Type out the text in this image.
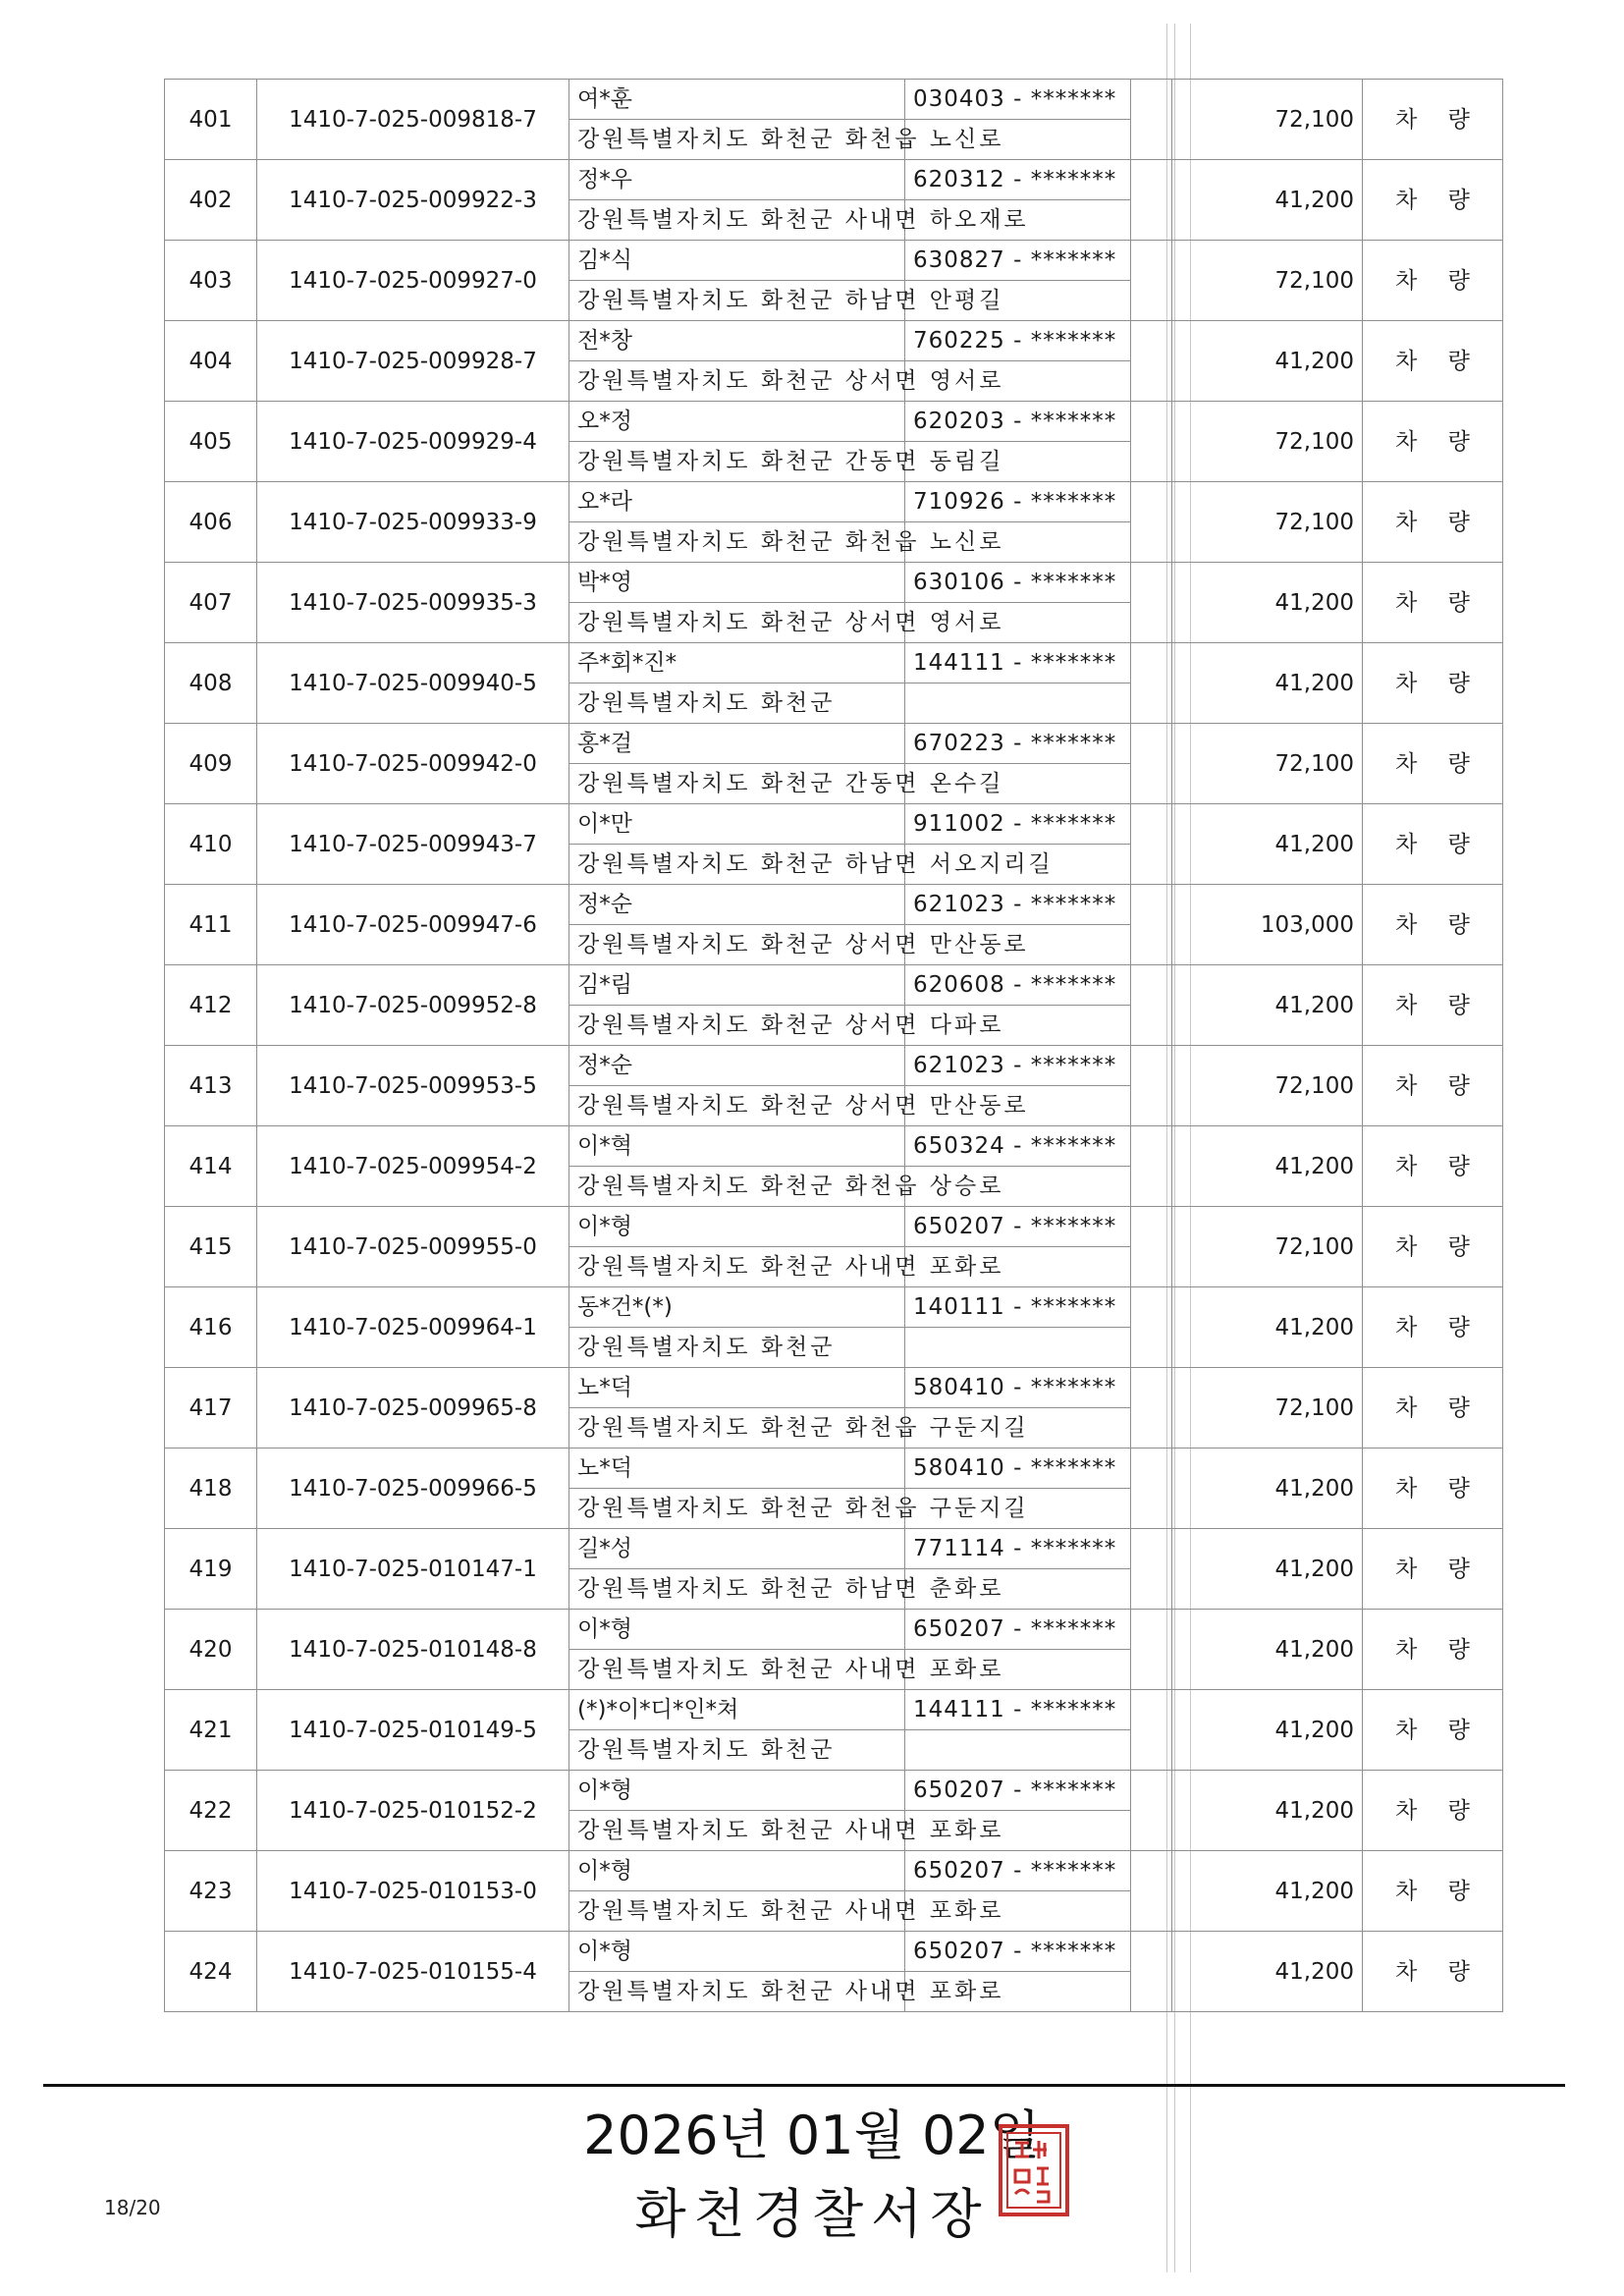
401	1410-7-025-009818-7	여*훈	030403 - *******		72,100	차 량
		강원특별자치도 화천군 화천읍 노신로				
402	1410-7-025-009922-3	정*우	620312 - *******		41,200	차 량
		강원특별자치도 화천군 사내면 하오재로				
403	1410-7-025-009927-0	김*식	630827 - *******		72,100	차 량
		강원특별자치도 화천군 하남면 안평길				
404	1410-7-025-009928-7	전*창	760225 - *******		41,200	차 량
		강원특별자치도 화천군 상서면 영서로				
405	1410-7-025-009929-4	오*정	620203 - *******		72,100	차 량
		강원특별자치도 화천군 간동면 동림길				
406	1410-7-025-009933-9	오*라	710926 - *******		72,100	차 량
		강원특별자치도 화천군 화천읍 노신로				
407	1410-7-025-009935-3	박*영	630106 - *******		41,200	차 량
		강원특별자치도 화천군 상서면 영서로				
408	1410-7-025-009940-5	주*회*진*	144111 - *******		41,200	차 량
		강원특별자치도 화천군				
409	1410-7-025-009942-0	홍*걸	670223 - *******		72,100	차 량
		강원특별자치도 화천군 간동면 온수길				
410	1410-7-025-009943-7	이*만	911002 - *******		41,200	차 량
		강원특별자치도 화천군 하남면 서오지리길				
411	1410-7-025-009947-6	정*순	621023 - *******		103,000	차 량
		강원특별자치도 화천군 상서면 만산동로				
412	1410-7-025-009952-8	김*림	620608 - *******		41,200	차 량
		강원특별자치도 화천군 상서면 다파로				
413	1410-7-025-009953-5	정*순	621023 - *******		72,100	차 량
		강원특별자치도 화천군 상서면 만산동로				
414	1410-7-025-009954-2	이*혁	650324 - *******		41,200	차 량
		강원특별자치도 화천군 화천읍 상승로				
415	1410-7-025-009955-0	이*형	650207 - *******		72,100	차 량
		강원특별자치도 화천군 사내면 포화로				
416	1410-7-025-009964-1	동*건*(*)	140111 - *******		41,200	차 량
		강원특별자치도 화천군				
417	1410-7-025-009965-8	노*덕	580410 - *******		72,100	차 량
		강원특별자치도 화천군 화천읍 구둔지길				
418	1410-7-025-009966-5	노*덕	580410 - *******		41,200	차 량
		강원특별자치도 화천군 화천읍 구둔지길				
419	1410-7-025-010147-1	길*성	771114 - *******		41,200	차 량
		강원특별자치도 화천군 하남면 춘화로				
420	1410-7-025-010148-8	이*형	650207 - *******		41,200	차 량
		강원특별자치도 화천군 사내면 포화로				
421	1410-7-025-010149-5	(*)*이*디*인*쳐	144111 - *******		41,200	차 량
		강원특별자치도 화천군				
422	1410-7-025-010152-2	이*형	650207 - *******		41,200	차 량
		강원특별자치도 화천군 사내면 포화로				
423	1410-7-025-010153-0	이*형	650207 - *******		41,200	차 량
		강원특별자치도 화천군 사내면 포화로				
424	1410-7-025-010155-4	이*형	650207 - *******		41,200	차 량
		강원특별자치도 화천군 사내면 포화로				
2026년 01월 02일
화천경찰서장
18/20
